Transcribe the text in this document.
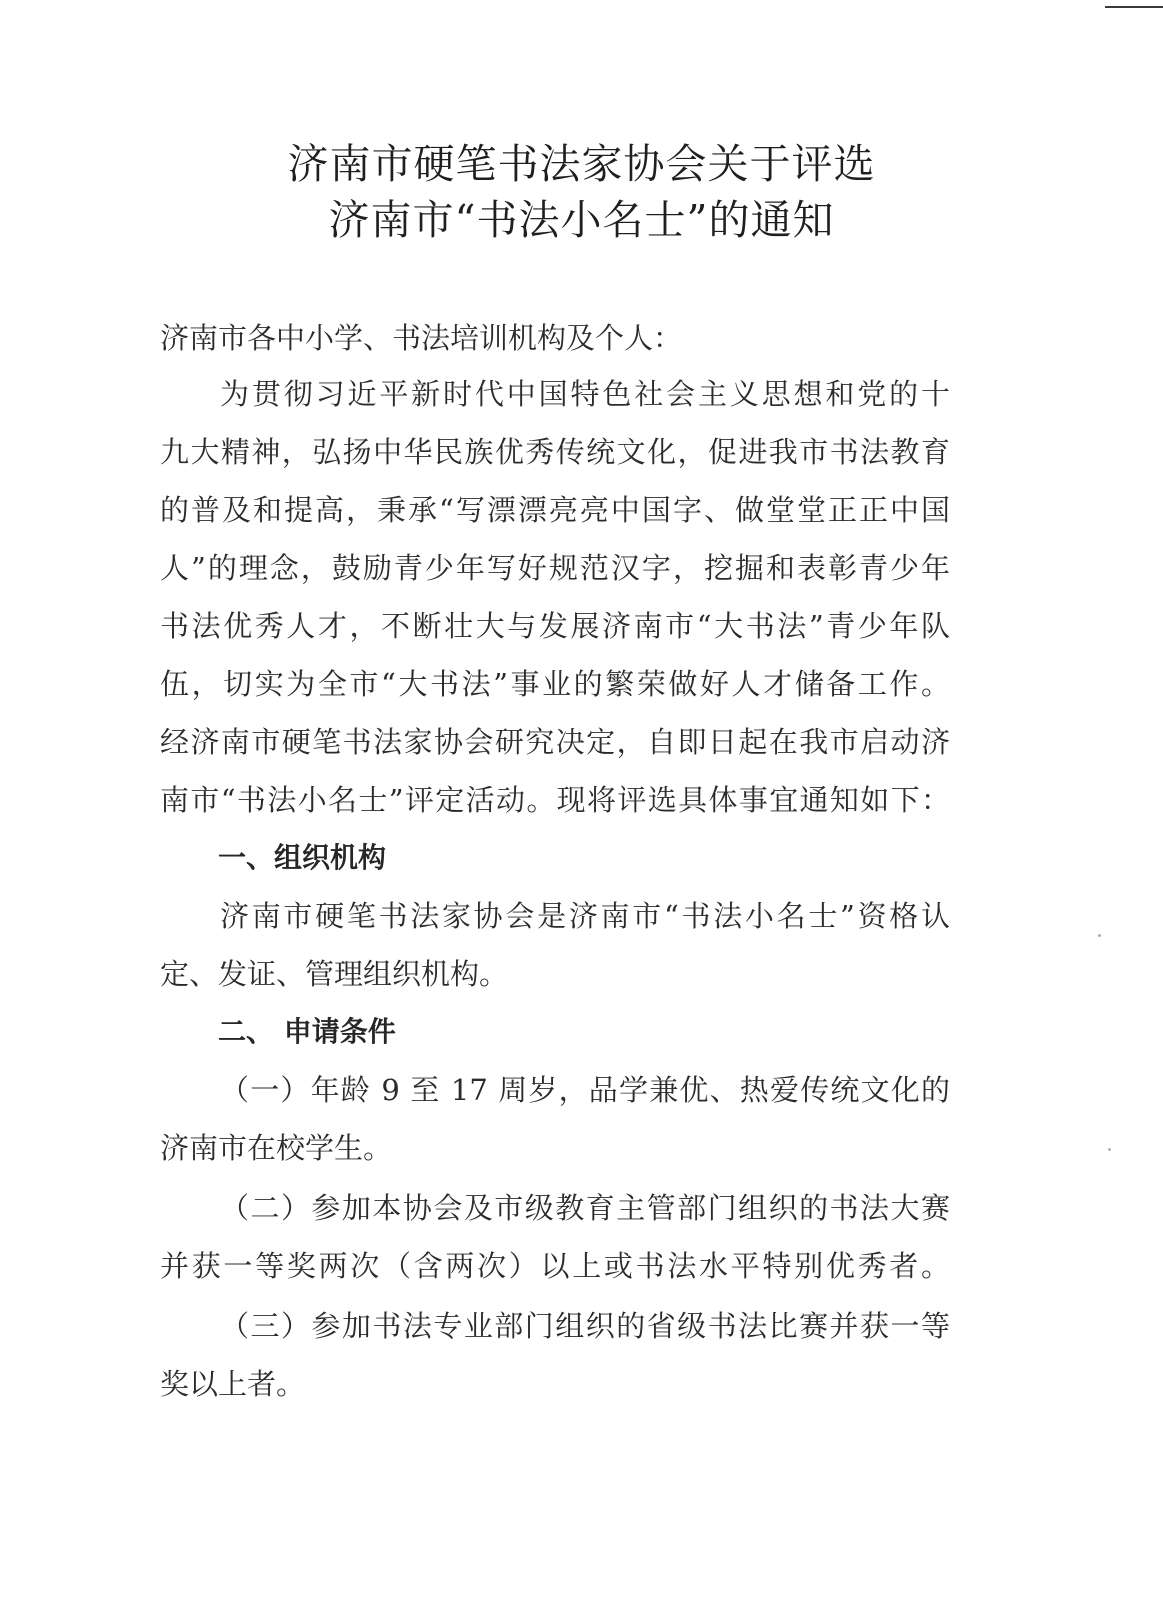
济南市硬笔书法家协会关于评选
济南市“书法小名士”的通知
济南市各中小学、书法培训机构及个人：
为贯彻习近平新时代中国特色社会主义思想和党的十
九大精神，弘扬中华民族优秀传统文化，促进我市书法教育
的普及和提高，秉承“写漂漂亮亮中国字、做堂堂正正中国
人”的理念，鼓励青少年写好规范汉字，挖掘和表彰青少年
书法优秀人才，不断壮大与发展济南市“大书法”青少年队
伍，切实为全市“大书法”事业的繁荣做好人才储备工作。
经济南市硬笔书法家协会研究决定，自即日起在我市启动济
南市“书法小名士”评定活动。现将评选具体事宜通知如下：
一、组织机构
济南市硬笔书法家协会是济南市“书法小名士”资格认
定、发证、管理组织机构。
二、 申请条件
（一）年龄 9 至 17 周岁，品学兼优、热爱传统文化的
济南市在校学生。
（二）参加本协会及市级教育主管部门组织的书法大赛
并获一等奖两次（含两次）以上或书法水平特别优秀者。
（三）参加书法专业部门组织的省级书法比赛并获一等
奖以上者。
